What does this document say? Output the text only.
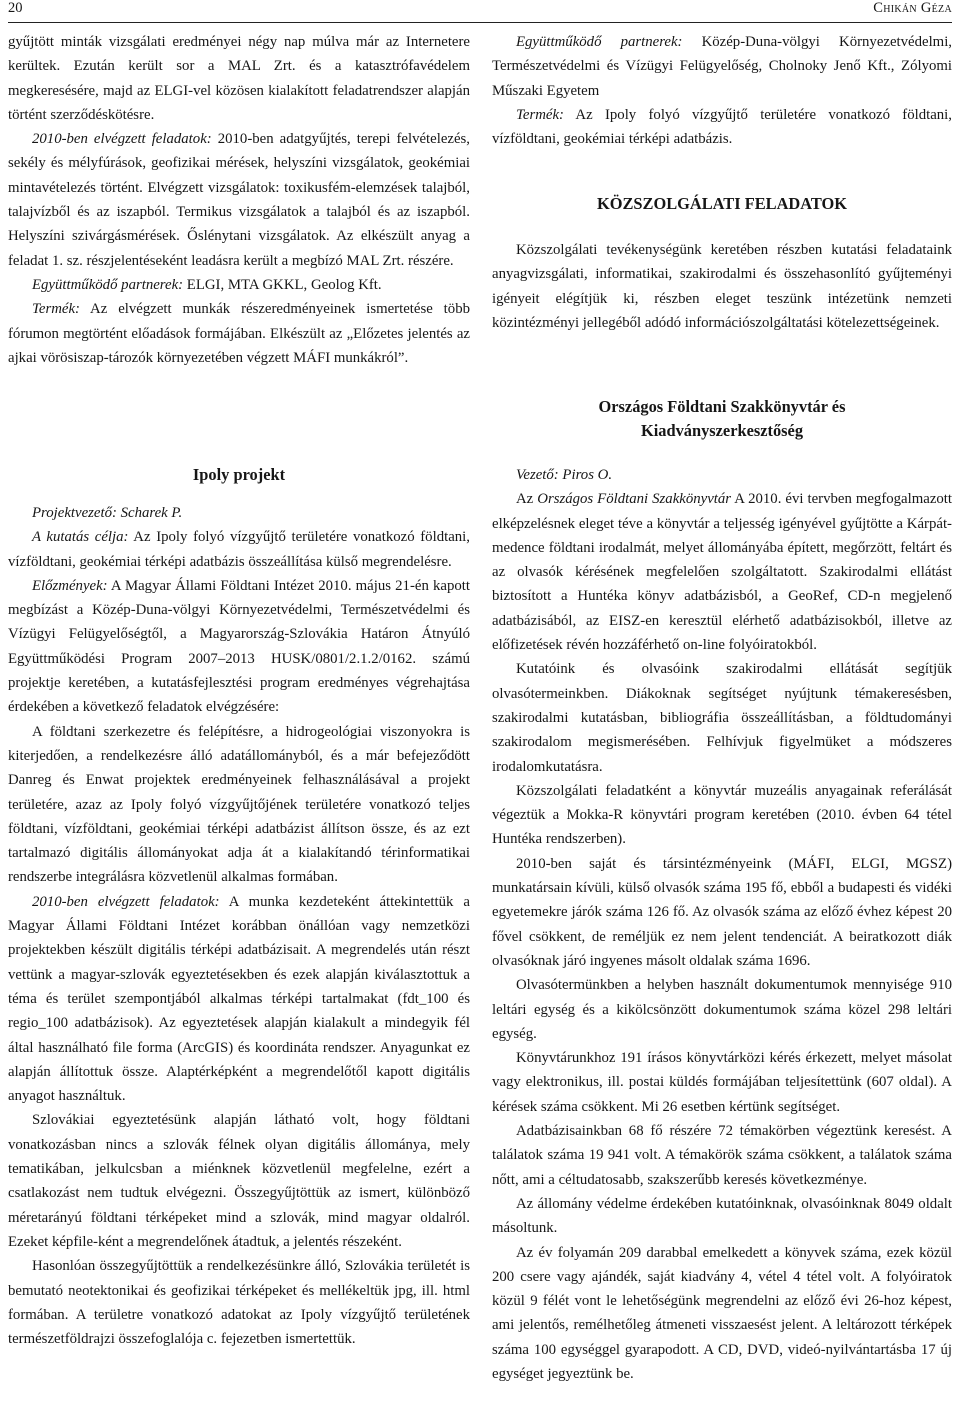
20	Chikán Géza

gyűjtött minták vizsgálati eredményei négy nap múlva már az Internetere kerültek. Ezután került sor a MAL Zrt. és a katasztrófavédelem megkeresésére, majd az ELGI-vel közösen kialakított feladatrendszer alapján történt szerződéskötésre.

2010-ben elvégzett feladatok: 2010-ben adatgyűjtés, terepi felvételezés, sekély és mélyfúrások, geofizikai mérések, helyszíni vizsgálatok, geokémiai mintavételezés történt. Elvégzett vizsgálatok: toxikusfém-elemzések talajból, talajvízből és az iszapból. Termikus vizsgálatok a talajból és az iszapból. Helyszíni szivárgásmérések. Őslénytani vizsgálatok. Az elkészült anyag a feladat 1. sz. részjelentéseként leadásra került a megbízó MAL Zrt. részére.

Együttműködő partnerek: ELGI, MTA GKKL, Geolog Kft.

Termék: Az elvégzett munkák részeredményeinek ismertetése több fórumon megtörtént előadások formájában. Elkészült az „Előzetes jelentés az ajkai vörösiszap-tározók környezetében végzett MÁFI munkákról”.

Együttműködő partnerek: Közép-Duna-völgyi Környezetvédelmi, Természetvédelmi és Vízügyi Felügyelőség, Cholnoky Jenő Kft., Zólyomi Műszaki Egyetem

Termék: Az Ipoly folyó vízgyűjtő területére vonatkozó földtani, vízföldtani, geokémiai térképi adatbázis.

KÖZSZOLGÁLATI FELADATOK

Közszolgálati tevékenységünk keretében részben kutatási feladataink anyagvizsgálati, informatikai, szakirodalmi és összehasonlító gyűjteményi igényeit elégítjük ki, részben eleget teszünk intézetünk nemzeti közintézményi jellegéből adódó információszolgáltatási kötelezettségeinek.

Országos Földtani Szakkönyvtár és
Kiadványszerkesztőség
Ipoly projekt

Projektvezető: Scharek P.

A kutatás célja: Az Ipoly folyó vízgyűjtő területére vonatkozó földtani, vízföldtani, geokémiai térképi adatbázis összeállítása külső megrendelésre.

Előzmények: A Magyar Állami Földtani Intézet 2010. május 21-én kapott megbízást a Közép-Duna-völgyi Környezetvédelmi, Természetvédelmi és Vízügyi Felügyelőségtől, a Magyarország-Szlovákia Határon Átnyúló Együttműködési Program 2007–2013 HUSK/0801/2.1.2/0162. számú projektje keretében, a kutatásfejlesztési program eredményes végrehajtása érdekében a következő feladatok elvégzésére:

A földtani szerkezetre és felépítésre, a hidrogeológiai viszonyokra is kiterjedően, a rendelkezésre álló adatállományból, és a már befejeződött Danreg és Enwat projektek eredményeinek felhasználásával a projekt területére, azaz az Ipoly folyó vízgyűjtőjének területére vonatkozó teljes földtani, vízföldtani, geokémiai térképi adatbázist állítson össze, és az ezt tartalmazó digitális állományokat adja át a kialakítandó térinformatikai rendszerbe integrálásra közvetlenül alkalmas formában.

2010-ben elvégzett feladatok: A munka kezdeteként áttekintettük a Magyar Állami Földtani Intézet korábban önállóan vagy nemzetközi projektekben készült digitális térképi adatbázisait. A megrendelés után részt vettünk a magyar-szlovák egyeztetésekben és ezek alapján kiválasztottuk a téma és terület szempontjából alkalmas térképi tartalmakat (fdt_100 és regio_100 adatbázisok). Az egyeztetések alapján kialakult a mindegyik fél által használható file forma (ArcGIS) és koordináta rendszer. Anyagunkat ez alapján állítottuk össze. Alaptérképként a megrendelőtől kapott digitális anyagot használtuk.

Szlovákiai egyeztetésünk alapján látható volt, hogy földtani vonatkozásban nincs a szlovák félnek olyan digitális állománya, mely tematikában, jelkulcsban a miénknek közvetlenül megfelelne, ezért a csatlakozást nem tudtuk elvégezni. Összegyűjtöttük az ismert, különböző méretarányú földtani térképeket mind a szlovák, mind magyar oldalról. Ezeket képfile-ként a megrendelőnek átadtuk, a jelentés részeként.

Hasonlóan összegyűjtöttük a rendelkezésünkre álló, Szlovákia területét is bemutató neotektonikai és geofizikai térképeket és mellékeltük jpg, ill. html formában. A területre vonatkozó adatokat az Ipoly vízgyűjtő területének természetföldrajzi összefoglalója c. fejezetben ismertettük.

Vezető: Piros O.

Az Országos Földtani Szakkönyvtár A 2010. évi tervben megfogalmazott elképzelésnek eleget téve a könyvtár a teljesség igényével gyűjtötte a Kárpát-medence földtani irodalmát, melyet állományába épített, megőrzött, feltárt és az olvasók kérésének megfelelően szolgáltatott. Szakirodalmi ellátást biztosított a Huntéka könyv adatbázisból, a GeoRef, CD-n megjelenő adatbázisából, az EISZ-en keresztül elérhető adatbázisokból, illetve az előfizetések révén hozzáférhető on-line folyóiratokból.

Kutatóink és olvasóink szakirodalmi ellátását segítjük olvasótermeinkben. Diákoknak segítséget nyújtunk témakeresésben, szakirodalmi kutatásban, bibliográfia összeállításban, a földtudományi szakirodalom megismerésében. Felhívjuk figyelmüket a módszeres irodalomkutatásra.

Közszolgálati feladatként a könyvtár muzeális anyagainak referálását végeztük a Mokka-R könyvtári program keretében (2010. évben 64 tétel Huntéka rendszerben).

2010-ben saját és társintézményeink (MÁFI, ELGI, MGSZ) munkatársain kívüli, külső olvasók száma 195 fő, ebből a budapesti és vidéki egyetemekre járók száma 126 fő. Az olvasók száma az előző évhez képest 20 fővel csökkent, de reméljük ez nem jelent tendenciát. A beiratkozott diák olvasóknak járó ingyenes másolt oldalak száma 1696.

Olvasótermünkben a helyben használt dokumentumok mennyisége 910 leltári egység és a kikölcsönzött dokumentumok száma közel 298 leltári egység.

Könyvtárunkhoz 191 írásos könyvtárközi kérés érkezett, melyet másolat vagy elektronikus, ill. postai küldés formájában teljesítettünk (607 oldal). A kérések száma csökkent. Mi 26 esetben kértünk segítséget.

Adatbázisainkban 68 fő részére 72 témakörben végeztünk keresést. A találatok száma 19 941 volt. A témakörök száma csökkent, a találatok száma nőtt, ami a céltudatosabb, szakszerűbb keresés következménye.

Az állomány védelme érdekében kutatóinknak, olvasóinknak 8049 oldalt másoltunk.

Az év folyamán 209 darabbal emelkedett a könyvek száma, ezek közül 200 csere vagy ajándék, saját kiadvány 4, vétel 4 tétel volt. A folyóiratok közül 9 félét vont le lehetőségünk megrendelni az előző évi 26-hoz képest, ami jelentős, remélhetőleg átmeneti visszaesést jelent. A leltározott térképek száma 100 egységgel gyarapodott. A CD, DVD, videó-nyilvántartásba 17 új egységet jegyeztünk be.
